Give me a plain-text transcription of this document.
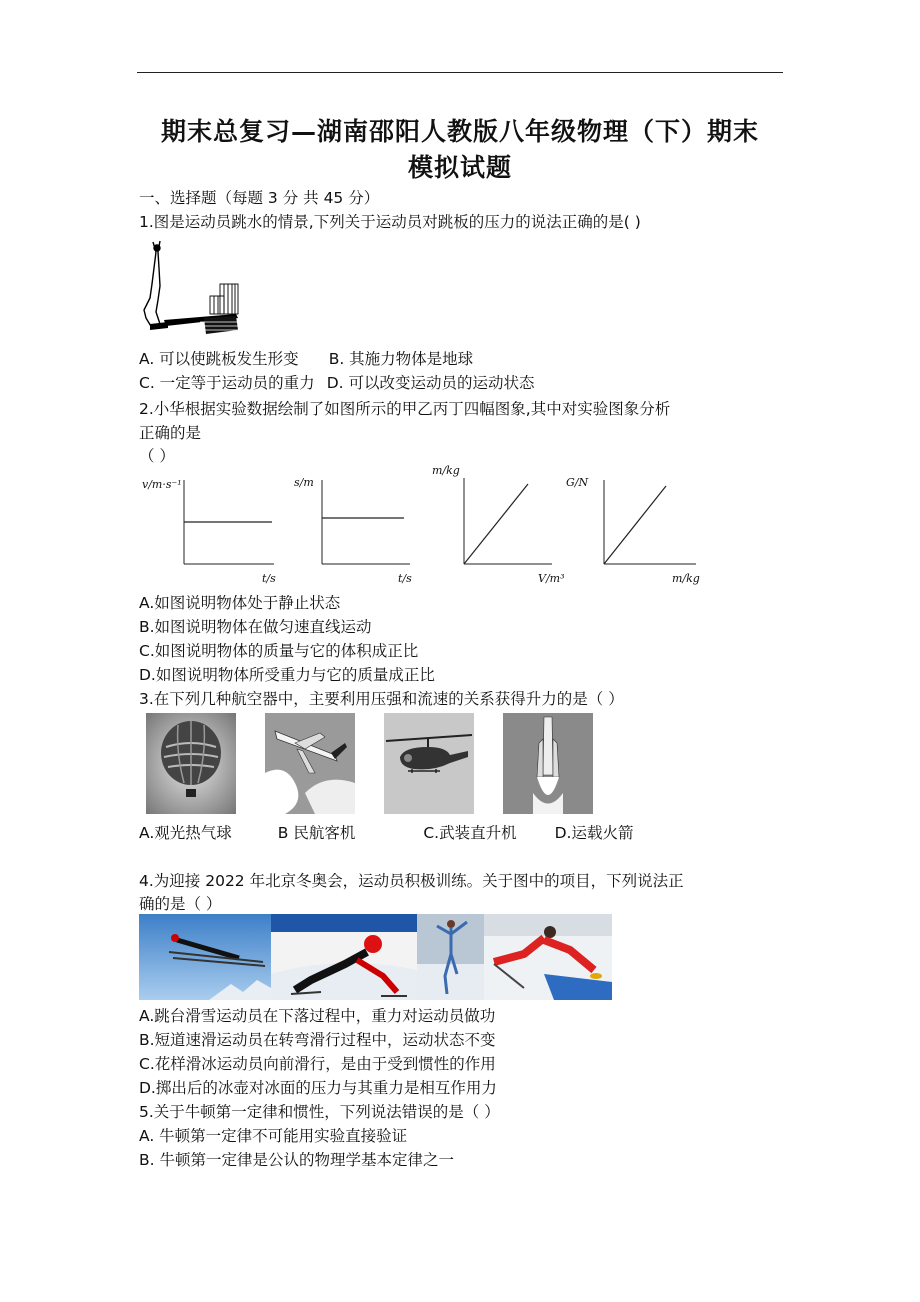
期末总复习—湖南邵阳人教版八年级物理（下）期末
模拟试题
一、选择题（每题 3 分 共 45 分）
1.图是运动员跳水的情景,下列关于运动员对跳板的压力的说法正确的是( )
A. 可以使跳板发生形变 B. 其施力物体是地球
C. 一定等于运动员的重力 D. 可以改变运动员的运动状态
2.小华根据实验数据绘制了如图所示的甲乙丙丁四幅图象,其中对实验图象分析
正确的是
（ ）
v/m·s⁻¹
t/s
s/m
t/s
m/kg
V/m³
G/N
m/kg
A.如图说明物体处于静止状态
B.如图说明物体在做匀速直线运动
C.如图说明物体的质量与它的体积成正比
D.如图说明物体所受重力与它的质量成正比
3.在下列几种航空器中，主要利用压强和流速的关系获得升力的是（ ）
A.观光热气球	B 民航客机	C.武装直升机 D.运载火箭
4.为迎接 2022 年北京冬奥会，运动员积极训练。关于图中的项目，下列说法正
确的是（ ）
A.跳台滑雪运动员在下落过程中，重力对运动员做功
B.短道速滑运动员在转弯滑行过程中，运动状态不变
C.花样滑冰运动员向前滑行，是由于受到惯性的作用
D.掷出后的冰壶对冰面的压力与其重力是相互作用力
5.关于牛顿第一定律和惯性，下列说法错误的是（ ）
A. 牛顿第一定律不可能用实验直接验证
B. 牛顿第一定律是公认的物理学基本定律之一
